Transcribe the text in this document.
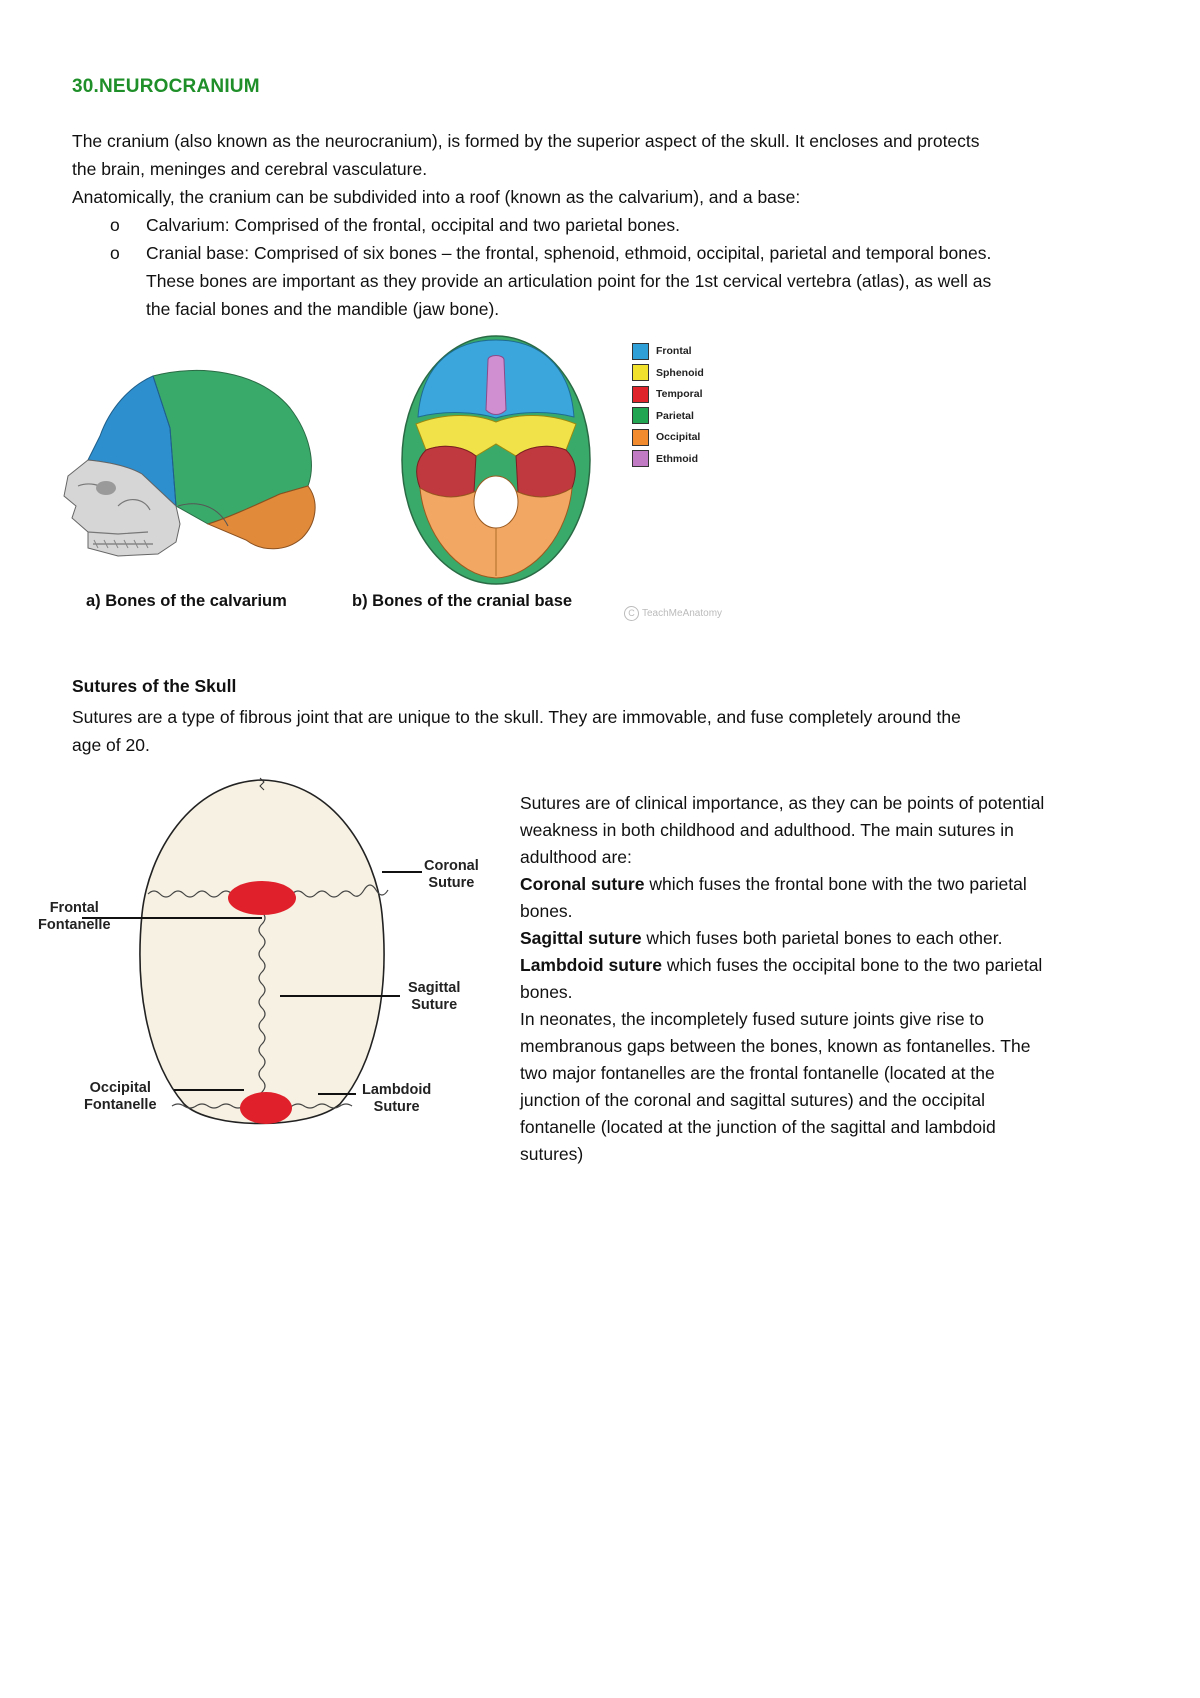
30.NEUROCRANIUM
The cranium (also known as the neurocranium), is formed by the superior aspect of the skull. It encloses and protects
the brain, meninges and cerebral vasculature.
Anatomically, the cranium can be subdivided into a roof (known as the calvarium), and a base:
o Calvarium: Comprised of the frontal, occipital and two parietal bones.
o Cranial base: Comprised of six bones – the frontal, sphenoid, ethmoid, occipital, parietal and temporal bones.
These bones are important as they provide an articulation point for the 1st cervical vertebra (atlas), as well as
the facial bones and the mandible (jaw bone).
Frontal
Sphenoid
Temporal
Parietal
Occipital
Ethmoid
a) Bones of the calvarium	b) Bones of the cranial base
C TeachMeAnatomy
Sutures of the Skull
Sutures are a type of fibrous joint that are unique to the skull. They are immovable, and fuse completely around the
age of 20.
Coronal
Suture
Frontal
Fontanelle
Sagittal
Suture
Occipital
Fontanelle
Lambdoid
Suture
Sutures are of clinical importance, as they can be points of potential
weakness in both childhood and adulthood. The main sutures in
adulthood are:
Coronal suture which fuses the frontal bone with the two parietal
bones.
Sagittal suture which fuses both parietal bones to each other.
Lambdoid suture which fuses the occipital bone to the two parietal
bones.
In neonates, the incompletely fused suture joints give rise to
membranous gaps between the bones, known as fontanelles. The
two major fontanelles are the frontal fontanelle (located at the
junction of the coronal and sagittal sutures) and the occipital
fontanelle (located at the junction of the sagittal and lambdoid
sutures)
